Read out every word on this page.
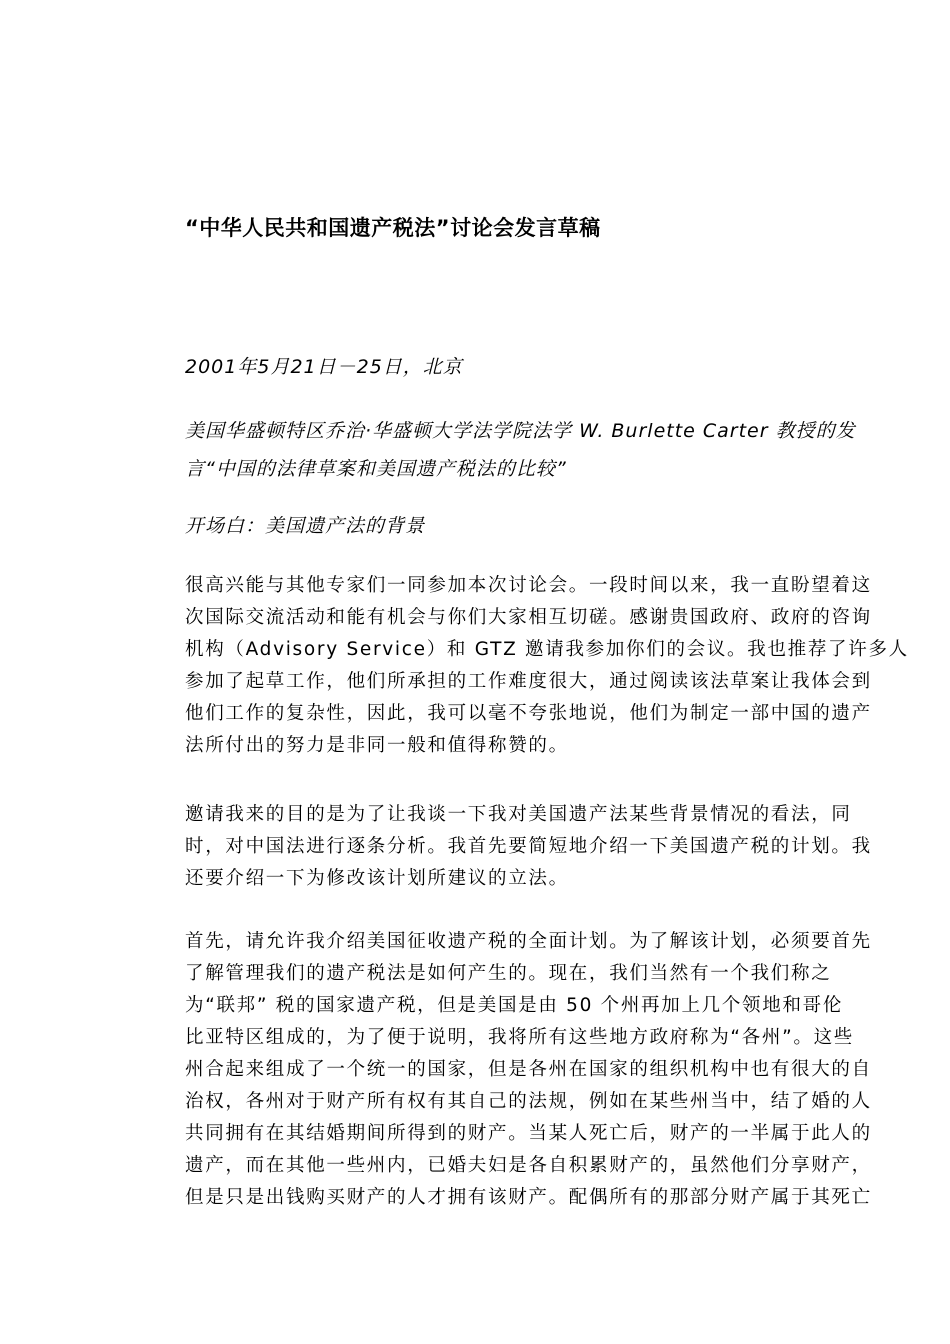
“中华人民共和国遗产税法”讨论会发言草稿
2001年5月21日－25日，北京
美国华盛顿特区乔治·华盛顿大学法学院法学 W. Burlette Carter 教授的发
言“中国的法律草案和美国遗产税法的比较”
开场白：美国遗产法的背景
很高兴能与其他专家们一同参加本次讨论会。一段时间以来，我一直盼望着这
次国际交流活动和能有机会与你们大家相互切磋。感谢贵国政府、政府的咨询
机构（Advisory Service）和 GTZ 邀请我参加你们的会议。我也推荐了许多人
参加了起草工作，他们所承担的工作难度很大，通过阅读该法草案让我体会到
他们工作的复杂性，因此，我可以毫不夸张地说，他们为制定一部中国的遗产
法所付出的努力是非同一般和值得称赞的。
邀请我来的目的是为了让我谈一下我对美国遗产法某些背景情况的看法，同
时，对中国法进行逐条分析。我首先要简短地介绍一下美国遗产税的计划。我
还要介绍一下为修改该计划所建议的立法。
首先，请允许我介绍美国征收遗产税的全面计划。为了解该计划，必须要首先
了解管理我们的遗产税法是如何产生的。现在，我们当然有一个我们称之
为“联邦” 税的国家遗产税，但是美国是由 50 个州再加上几个领地和哥伦
比亚特区组成的，为了便于说明，我将所有这些地方政府称为“各州”。这些
州合起来组成了一个统一的国家，但是各州在国家的组织机构中也有很大的自
治权，各州对于财产所有权有其自己的法规，例如在某些州当中，结了婚的人
共同拥有在其结婚期间所得到的财产。当某人死亡后，财产的一半属于此人的
遗产，而在其他一些州内，已婚夫妇是各自积累财产的，虽然他们分享财产，
但是只是出钱购买财产的人才拥有该财产。配偶所有的那部分财产属于其死亡
